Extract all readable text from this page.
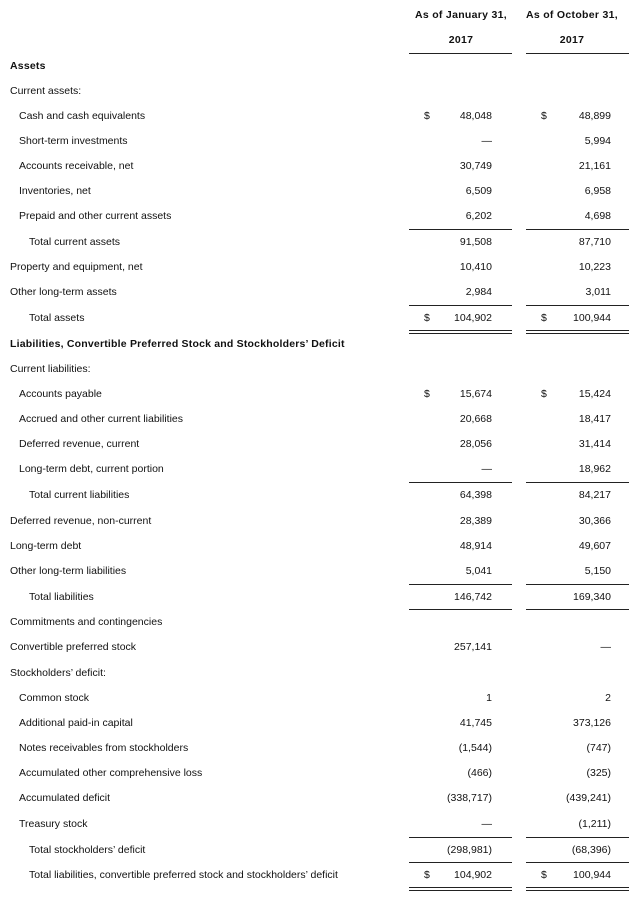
As of January 31,
2017
As of October 31,
2017
Assets
Current assets:
Cash and cash equivalents	$	48,048	$	48,899
Short-term investments	—	5,994
Accounts receivable, net	30,749	21,161
Inventories, net	6,509	6,958
Prepaid and other current assets	6,202	4,698
Total current assets	91,508	87,710
Property and equipment, net	10,410	10,223
Other long-term assets	2,984	3,011
Total assets	$	104,902	$	100,944
Liabilities, Convertible Preferred Stock and Stockholders’ Deficit
Current liabilities:
Accounts payable	$	15,674	$	15,424
Accrued and other current liabilities	20,668	18,417
Deferred revenue, current	28,056	31,414
Long-term debt, current portion	—	18,962
Total current liabilities	64,398	84,217
Deferred revenue, non-current	28,389	30,366
Long-term debt	48,914	49,607
Other long-term liabilities	5,041	5,150
Total liabilities	146,742	169,340
Commitments and contingencies
Convertible preferred stock	257,141	—
Stockholders’ deficit:
Common stock	1	2
Additional paid-in capital	41,745	373,126
Notes receivables from stockholders	(1,544)	(747)
Accumulated other comprehensive loss	(466)	(325)
Accumulated deficit	(338,717)	(439,241)
Treasury stock	—	(1,211)
Total stockholders’ deficit	(298,981)	(68,396)
Total liabilities, convertible preferred stock and stockholders’ deficit	$	104,902	$	100,944
